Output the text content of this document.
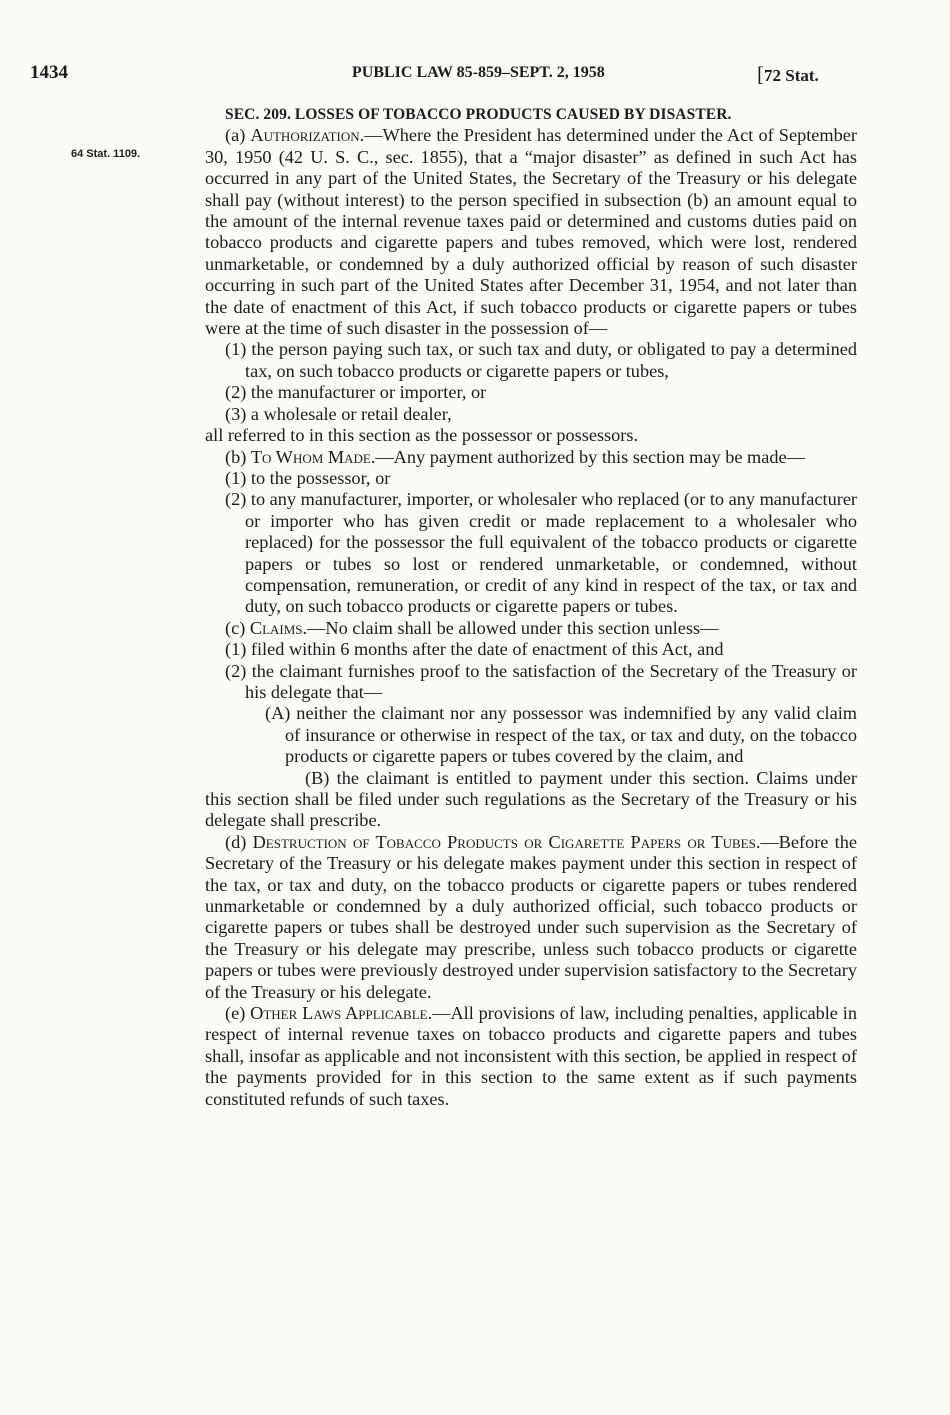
1434	PUBLIC LAW 85-859–SEPT. 2, 1958	[72 Stat.
64 Stat. 1109.

SEC. 209. LOSSES OF TOBACCO PRODUCTS CAUSED BY DISASTER.

(a) Authorization.—Where the President has determined under the Act of September 30, 1950 (42 U. S. C., sec. 1855), that a “major disaster” as defined in such Act has occurred in any part of the United States, the Secretary of the Treasury or his delegate shall pay (without interest) to the person specified in subsection (b) an amount equal to the amount of the internal revenue taxes paid or determined and customs duties paid on tobacco products and cigarette papers and tubes removed, which were lost, rendered unmarketable, or condemned by a duly authorized official by reason of such disaster occurring in such part of the United States after December 31, 1954, and not later than the date of enactment of this Act, if such tobacco products or cigarette papers or tubes were at the time of such disaster in the possession of—

(1) the person paying such tax, or such tax and duty, or obligated to pay a determined tax, on such tobacco products or cigarette papers or tubes,

(2) the manufacturer or importer, or

(3) a wholesale or retail dealer,

all referred to in this section as the possessor or possessors.

(b) To Whom Made.—Any payment authorized by this section may be made—

(1) to the possessor, or

(2) to any manufacturer, importer, or wholesaler who replaced (or to any manufacturer or importer who has given credit or made replacement to a wholesaler who replaced) for the possessor the full equivalent of the tobacco products or cigarette papers or tubes so lost or rendered unmarketable, or condemned, without compensation, remuneration, or credit of any kind in respect of the tax, or tax and duty, on such tobacco products or cigarette papers or tubes.

(c) Claims.—No claim shall be allowed under this section unless—

(1) filed within 6 months after the date of enactment of this Act, and

(2) the claimant furnishes proof to the satisfaction of the Secretary of the Treasury or his delegate that—

(A) neither the claimant nor any possessor was indemnified by any valid claim of insurance or otherwise in respect of the tax, or tax and duty, on the tobacco products or cigarette papers or tubes covered by the claim, and

(B) the claimant is entitled to payment under this section. Claims under this section shall be filed under such regulations as the Secretary of the Treasury or his delegate shall prescribe.

(d) Destruction of Tobacco Products or Cigarette Papers or Tubes.—Before the Secretary of the Treasury or his delegate makes payment under this section in respect of the tax, or tax and duty, on the tobacco products or cigarette papers or tubes rendered unmarketable or condemned by a duly authorized official, such tobacco products or cigarette papers or tubes shall be destroyed under such supervision as the Secretary of the Treasury or his delegate may prescribe, unless such tobacco products or cigarette papers or tubes were previously destroyed under supervision satisfactory to the Secretary of the Treasury or his delegate.

(e) Other Laws Applicable.—All provisions of law, including penalties, applicable in respect of internal revenue taxes on tobacco products and cigarette papers and tubes shall, insofar as applicable and not inconsistent with this section, be applied in respect of the payments provided for in this section to the same extent as if such payments constituted refunds of such taxes.
